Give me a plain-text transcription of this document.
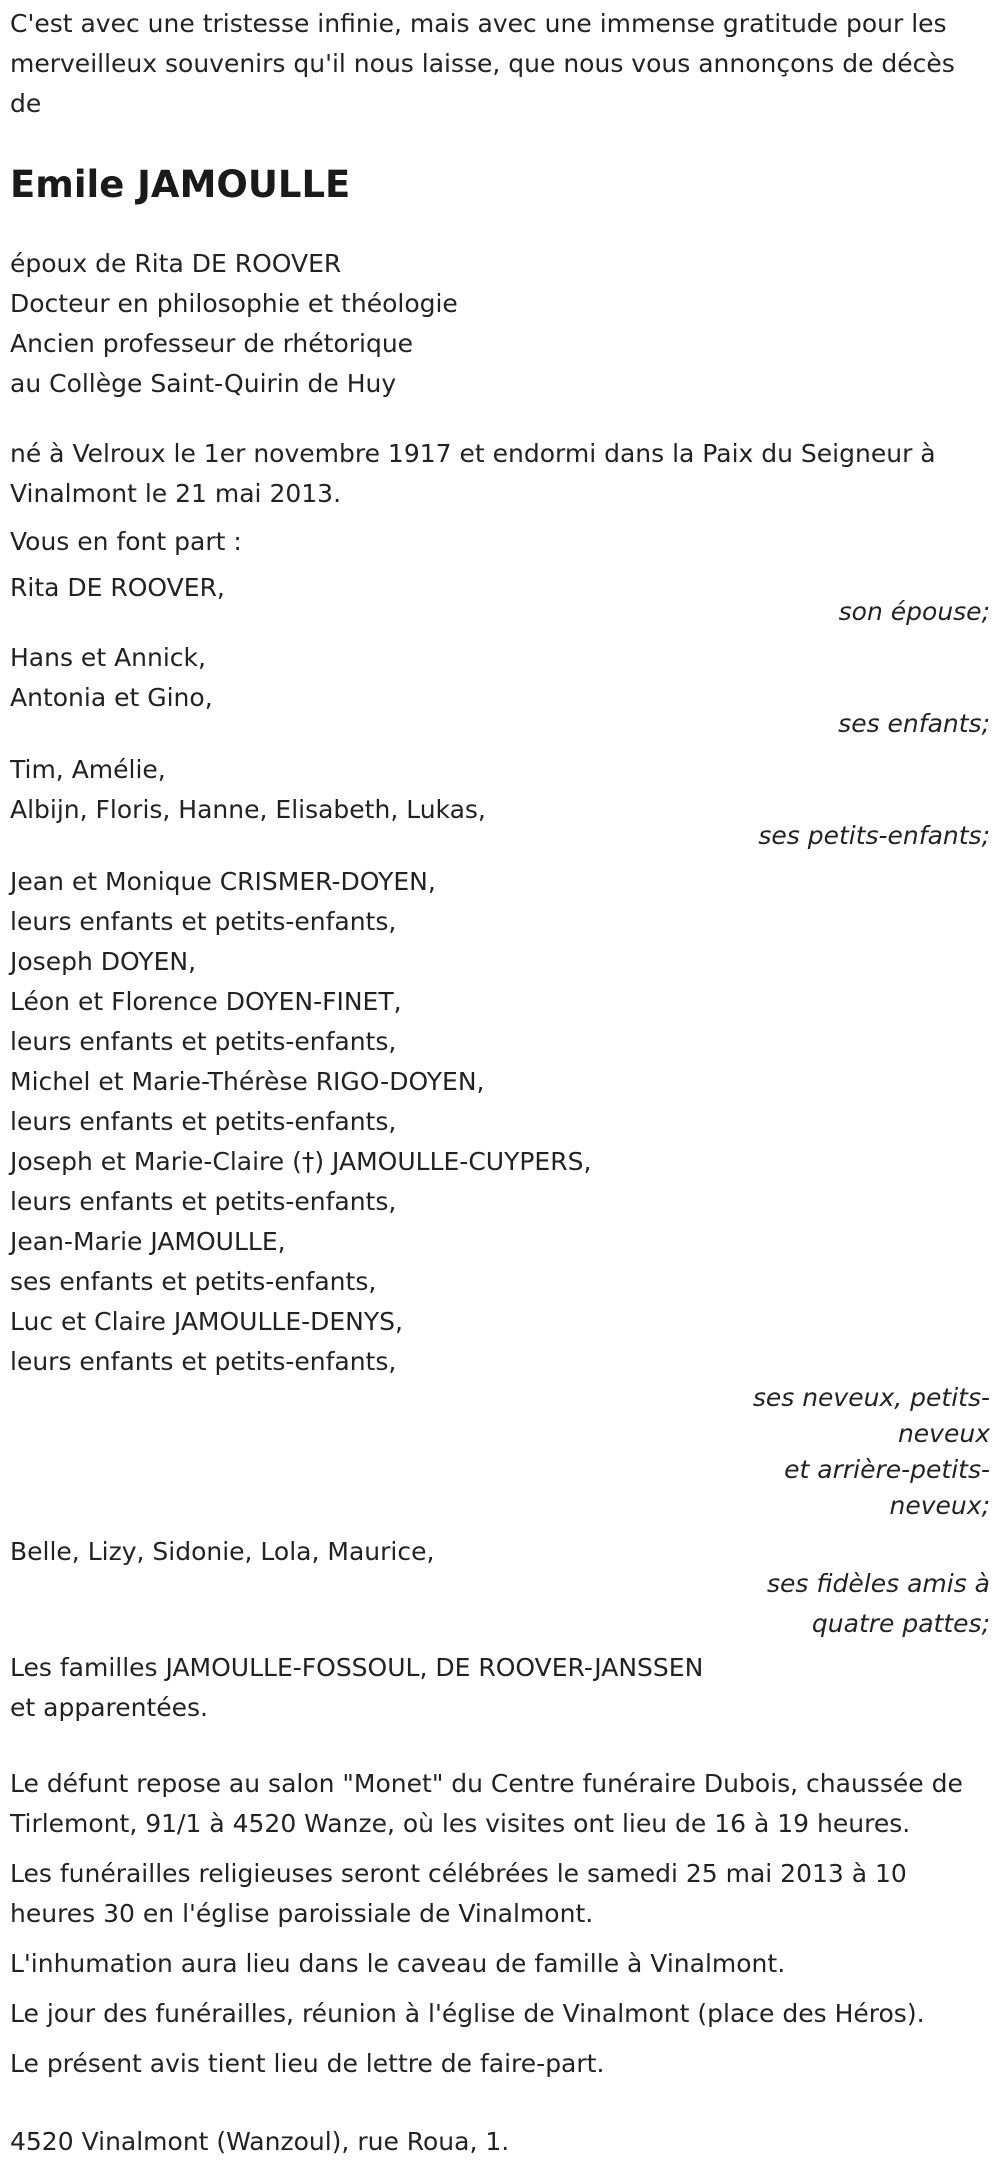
C'est avec une tristesse infinie, mais avec une immense gratitude pour les merveilleux souvenirs qu'il nous laisse, que nous vous annonçons de décès de
Emile JAMOULLE
époux de Rita DE ROOVER
Docteur en philosophie et théologie
Ancien professeur de rhétorique
au Collège Saint-Quirin de Huy
né à Velroux le 1er novembre 1917 et endormi dans la Paix du Seigneur à Vinalmont le 21 mai 2013.
Vous en font part :
Rita DE ROOVER,
son épouse;
Hans et Annick,
Antonia et Gino,
ses enfants;
Tim, Amélie,
Albijn, Floris, Hanne, Elisabeth, Lukas,
ses petits-enfants;
Jean et Monique CRISMER-DOYEN,
leurs enfants et petits-enfants,
Joseph DOYEN,
Léon et Florence DOYEN-FINET,
leurs enfants et petits-enfants,
Michel et Marie-Thérèse RIGO-DOYEN,
leurs enfants et petits-enfants,
Joseph et Marie-Claire (†) JAMOULLE-CUYPERS,
leurs enfants et petits-enfants,
Jean-Marie JAMOULLE,
ses enfants et petits-enfants,
Luc et Claire JAMOULLE-DENYS,
leurs enfants et petits-enfants,
ses neveux, petits-neveux
et arrière-petits-neveux;
Belle, Lizy, Sidonie, Lola, Maurice,
ses fidèles amis à quatre pattes;
Les familles JAMOULLE-FOSSOUL, DE ROOVER-JANSSEN
et apparentées.
Le défunt repose au salon "Monet" du Centre funéraire Dubois, chaussée de Tirlemont, 91/1 à 4520 Wanze, où les visites ont lieu de 16 à 19 heures.
Les funérailles religieuses seront célébrées le samedi 25 mai 2013 à 10 heures 30 en l'église paroissiale de Vinalmont.
L'inhumation aura lieu dans le caveau de famille à Vinalmont.
Le jour des funérailles, réunion à l'église de Vinalmont (place des Héros).
Le présent avis tient lieu de lettre de faire-part.
4520 Vinalmont (Wanzoul), rue Roua, 1.
